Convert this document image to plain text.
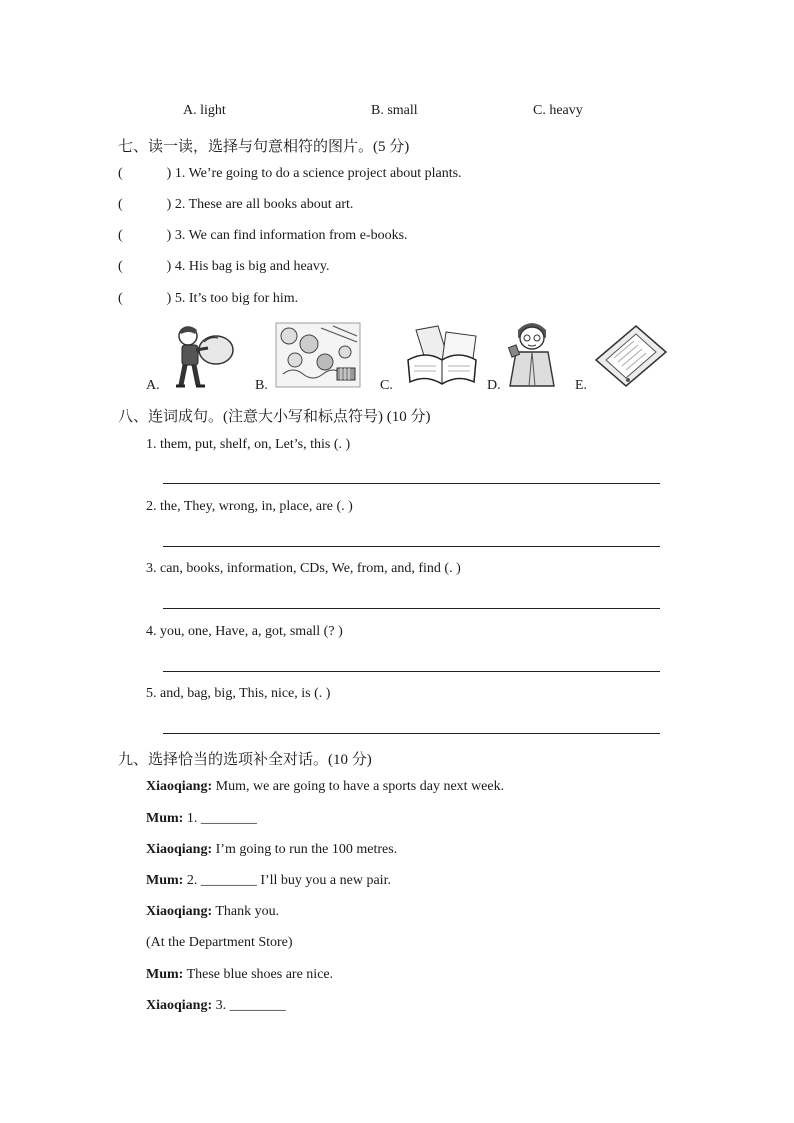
A. light	B. small	C. heavy
七、读一读，选择与句意相符的图片。(5 分)
(	) 1. We’re going to do a science project about plants.
(	) 2. These are all books about art.
(	) 3. We can find information from e-books.
(	) 4. His bag is big and heavy.
(	) 5. It’s too big for him.
A.	B.	C.	D.	E.
八、连词成句。(注意大小写和标点符号) (10 分)
1. them, put, shelf, on, Let’s, this (. )
2. the, They, wrong, in, place, are (. )
3. can, books, information, CDs, We, from, and, find (. )
4. you, one, Have, a, got, small (? )
5. and, bag, big, This, nice, is (. )
九、选择恰当的选项补全对话。(10 分)
Xiaoqiang: Mum, we are going to have a sports day next week.
Mum: 1. ________
Xiaoqiang: I’m going to run the 100 metres.
Mum: 2. ________ I’ll buy you a new pair.
Xiaoqiang: Thank you.
(At the Department Store)
Mum: These blue shoes are nice.
Xiaoqiang: 3. ________
